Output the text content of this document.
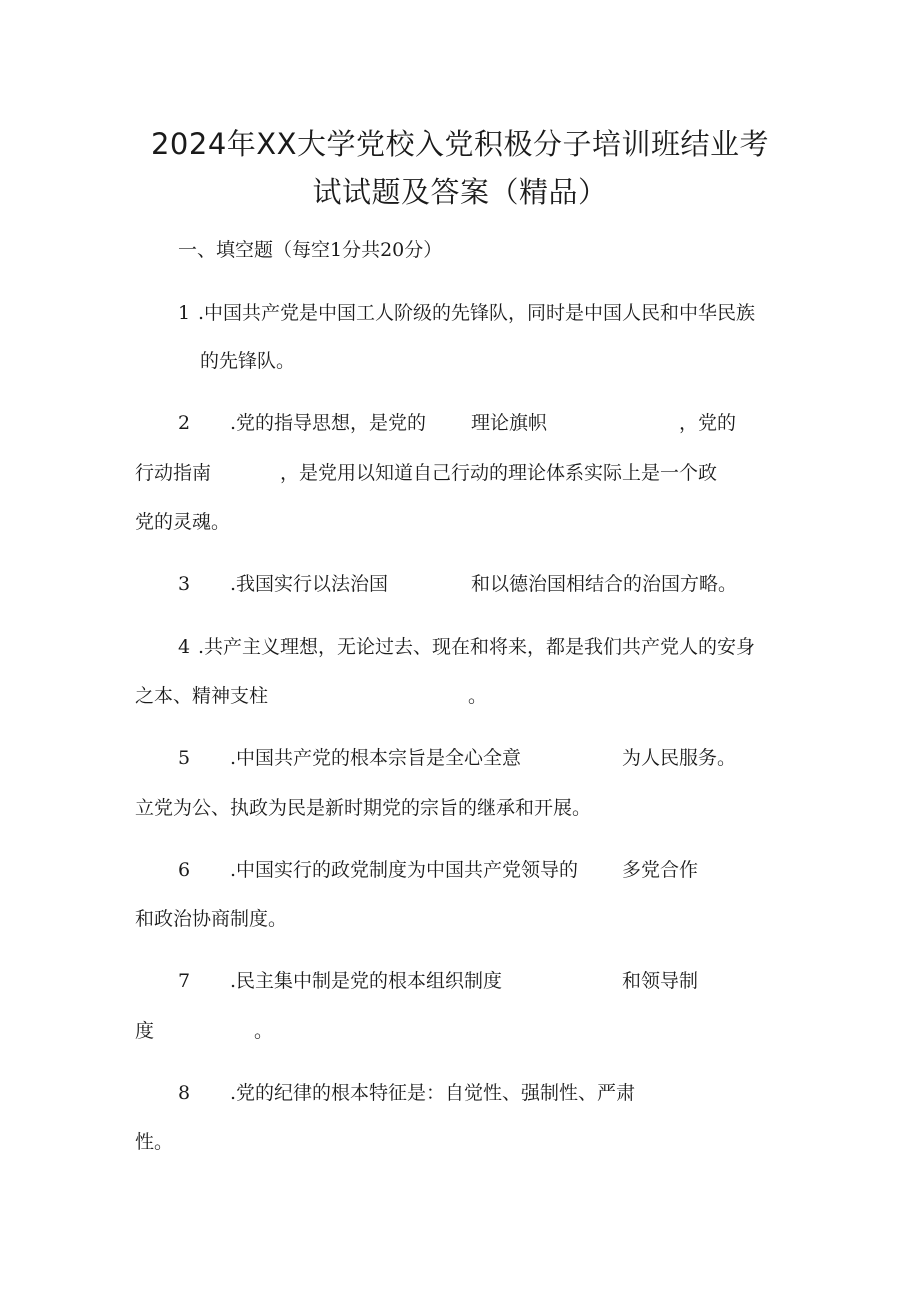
2024年XX大学党校入党积极分子培训班结业考
试试题及答案（精品）
一、填空题（每空1分共20分）
1 .中国共产党是中国工人阶级的先锋队，同时是中国人民和中华民族
的先锋队。
2 .党的指导思想，是党的 理论旗帜	，党的
行动指南	，是党用以知道自己行动的理论体系实际上是一个政
党的灵魂。
3 .我国实行以法治国	和以德治国相结合的治国方略。
4 .共产主义理想，无论过去、现在和将来，都是我们共产党人的安身
之本、精神支柱	。
5 .中国共产党的根本宗旨是全心全意	为人民服务。
立党为公、执政为民是新时期党的宗旨的继承和开展。
6 .中国实行的政党制度为中国共产党领导的 多党合作
和政治协商制度。
7 .民主集中制是党的根本组织制度	和领导制
度	。
8 .党的纪律的根本特征是：自觉性、强制性、严肃
性。
